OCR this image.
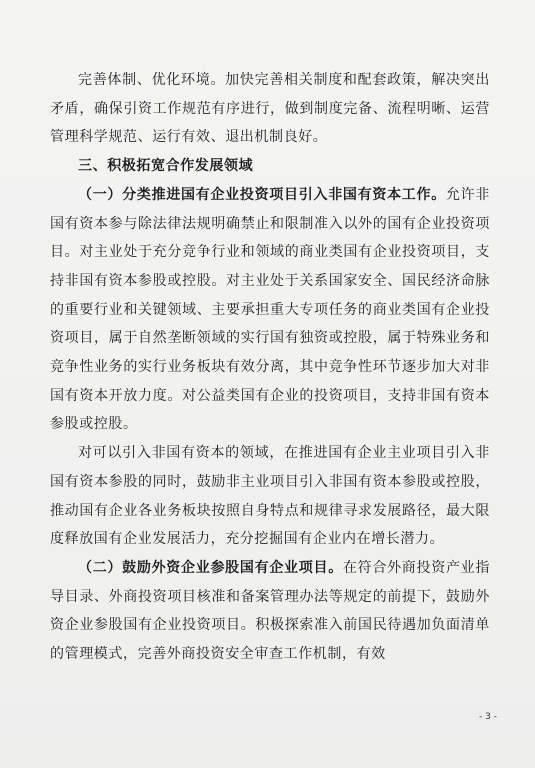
完善体制、优化环境。加快完善相关制度和配套政策，解决突出矛盾，确保引资工作规范有序进行，做到制度完备、流程明晰、运营管理科学规范、运行有效、退出机制良好。

三、积极拓宽合作发展领域

（一）分类推进国有企业投资项目引入非国有资本工作。允许非国有资本参与除法律法规明确禁止和限制准入以外的国有企业投资项目。对主业处于充分竞争行业和领域的商业类国有企业投资项目，支持非国有资本参股或控股。对主业处于关系国家安全、国民经济命脉的重要行业和关键领域、主要承担重大专项任务的商业类国有企业投资项目，属于自然垄断领域的实行国有独资或控股，属于特殊业务和竞争性业务的实行业务板块有效分离，其中竞争性环节逐步加大对非国有资本开放力度。对公益类国有企业的投资项目，支持非国有资本参股或控股。

对可以引入非国有资本的领域，在推进国有企业主业项目引入非国有资本参股的同时，鼓励非主业项目引入非国有资本参股或控股，推动国有企业各业务板块按照自身特点和规律寻求发展路径，最大限度释放国有企业发展活力，充分挖掘国有企业内在增长潜力。

（二）鼓励外资企业参股国有企业项目。在符合外商投资产业指导目录、外商投资项目核准和备案管理办法等规定的前提下，鼓励外资企业参股国有企业投资项目。积极探索准入前国民待遇加负面清单的管理模式，完善外商投资安全审查工作机制，有效

- 3 -
